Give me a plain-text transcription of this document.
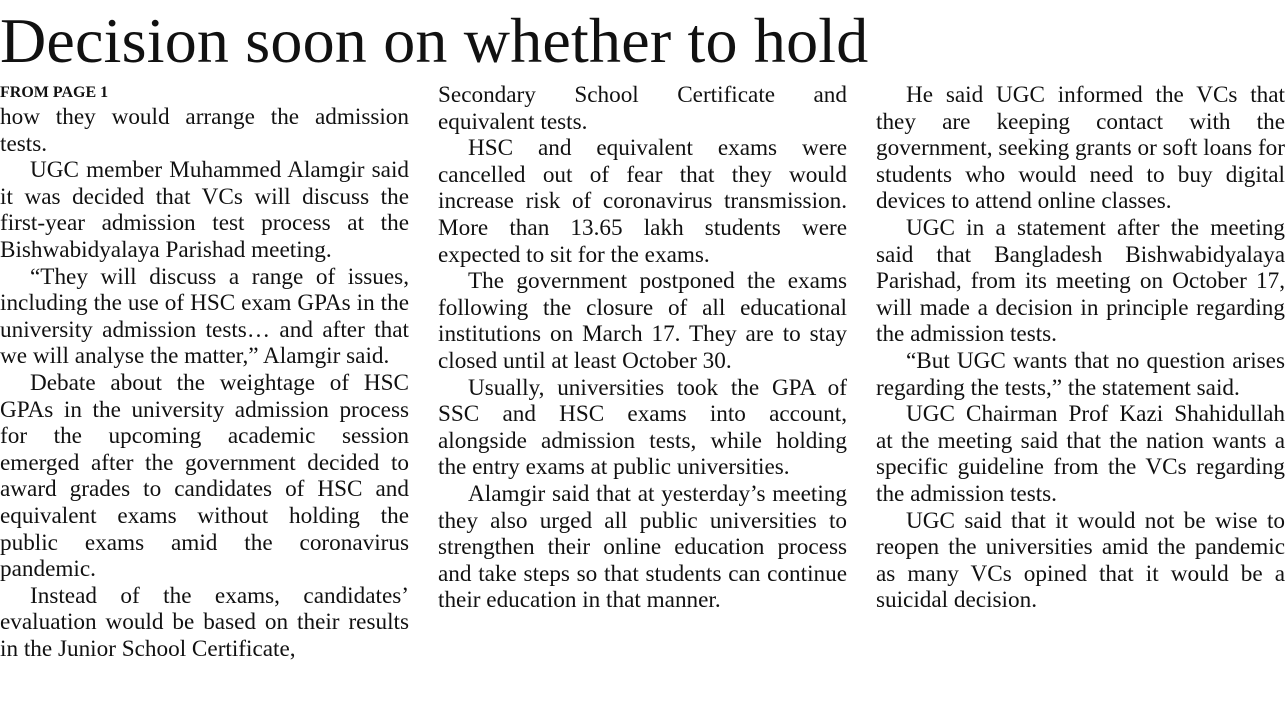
Decision soon on whether to hold
FROM PAGE 1

how they would arrange the admission tests.

UGC member Muhammed Alamgir said it was decided that VCs will discuss the first-year admission test process at the Bishwabidyalaya Parishad meeting.

“They will discuss a range of issues, including the use of HSC exam GPAs in the university admission tests… and after that we will analyse the matter,” Alamgir said.

Debate about the weightage of HSC GPAs in the university admission process for the upcoming academic session emerged after the government decided to award grades to candidates of HSC and equivalent exams without holding the public exams amid the coronavirus pandemic.

Instead of the exams, candidates’ evaluation would be based on their results in the Junior School Certificate,

Secondary School Certificate and equivalent tests.

HSC and equivalent exams were cancelled out of fear that they would increase risk of coronavirus transmission. More than 13.65 lakh students were expected to sit for the exams.

The government postponed the exams following the closure of all educational institutions on March 17. They are to stay closed until at least October 30.

Usually, universities took the GPA of SSC and HSC exams into account, alongside admission tests, while holding the entry exams at public universities.

Alamgir said that at yesterday’s meeting they also urged all public universities to strengthen their online education process and take steps so that students can continue their education in that manner.

He said UGC informed the VCs that they are keeping contact with the government, seeking grants or soft loans for students who would need to buy digital devices to attend online classes.

UGC in a statement after the meeting said that Bangladesh Bishwabidyalaya Parishad, from its meeting on October 17, will made a decision in principle regarding the admission tests.

“But UGC wants that no question arises regarding the tests,” the statement said.

UGC Chairman Prof Kazi Shahidullah at the meeting said that the nation wants a specific guideline from the VCs regarding the admission tests.

UGC said that it would not be wise to reopen the universities amid the pandemic as many VCs opined that it would be a suicidal decision.
